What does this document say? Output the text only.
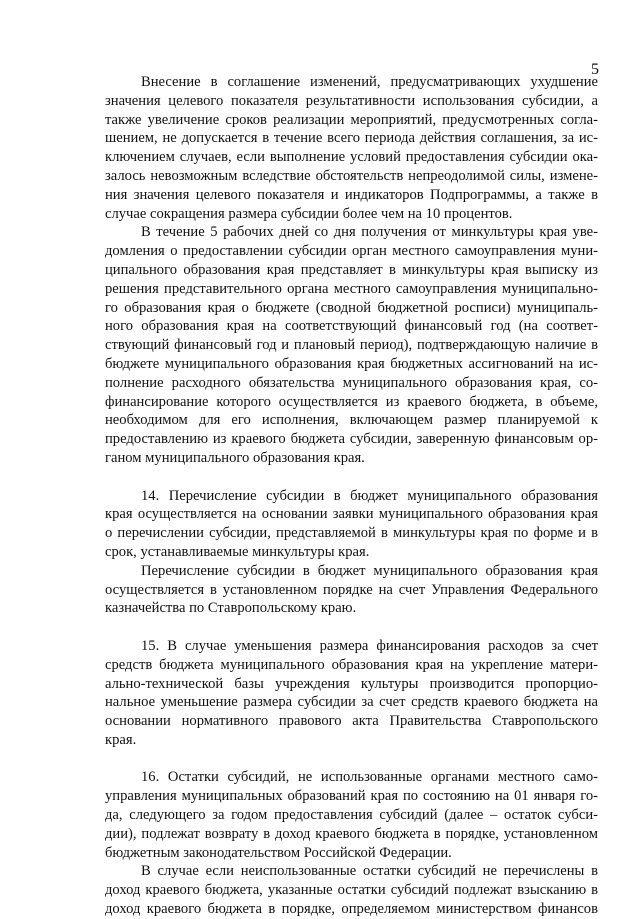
5
Внесение в соглашение изменений, предусматривающих ухудшение
значения целевого показателя результативности использования субсидии, а
также увеличение сроков реализации мероприятий, предусмотренных согла-
шением, не допускается в течение всего периода действия соглашения, за ис-
ключением случаев, если выполнение условий предоставления субсидии ока-
залось невозможным вследствие обстоятельств непреодолимой силы, измене-
ния значения целевого показателя и индикаторов Подпрограммы, а также в
случае сокращения размера субсидии более чем на 10 процентов.
В течение 5 рабочих дней со дня получения от минкультуры края уве-
домления о предоставлении субсидии орган местного самоуправления муни-
ципального образования края представляет в минкультуры края выписку из
решения представительного органа местного самоуправления муниципально-
го образования края о бюджете (сводной бюджетной росписи) муниципаль-
ного образования края на соответствующий финансовый год (на соответ-
ствующий финансовый год и плановый период), подтверждающую наличие в
бюджете муниципального образования края бюджетных ассигнований на ис-
полнение расходного обязательства муниципального образования края, со-
финансирование которого осуществляется из краевого бюджета, в объеме,
необходимом для его исполнения, включающем размер планируемой к
предоставлению из краевого бюджета субсидии, заверенную финансовым ор-
ганом муниципального образования края.
14. Перечисление субсидии в бюджет муниципального образования
края осуществляется на основании заявки муниципального образования края
о перечислении субсидии, представляемой в минкультуры края по форме и в
срок, устанавливаемые минкультуры края.
Перечисление субсидии в бюджет муниципального образования края
осуществляется в установленном порядке на счет Управления Федерального
казначейства по Ставропольскому краю.
15. В случае уменьшения размера финансирования расходов за счет
средств бюджета муниципального образования края на укрепление матери-
ально-технической базы учреждения культуры производится пропорцио-
нальное уменьшение размера субсидии за счет средств краевого бюджета на
основании нормативного правового акта Правительства Ставропольского
края.
16. Остатки субсидий, не использованные органами местного само-
управления муниципальных образований края по состоянию на 01 января го-
да, следующего за годом предоставления субсидий (далее – остаток субси-
дии), подлежат возврату в доход краевого бюджета в порядке, установленном
бюджетным законодательством Российской Федерации.
В случае если неиспользованные остатки субсидий не перечислены в
доход краевого бюджета, указанные остатки субсидий подлежат взысканию в
доход краевого бюджета в порядке, определяемом министерством финансов
